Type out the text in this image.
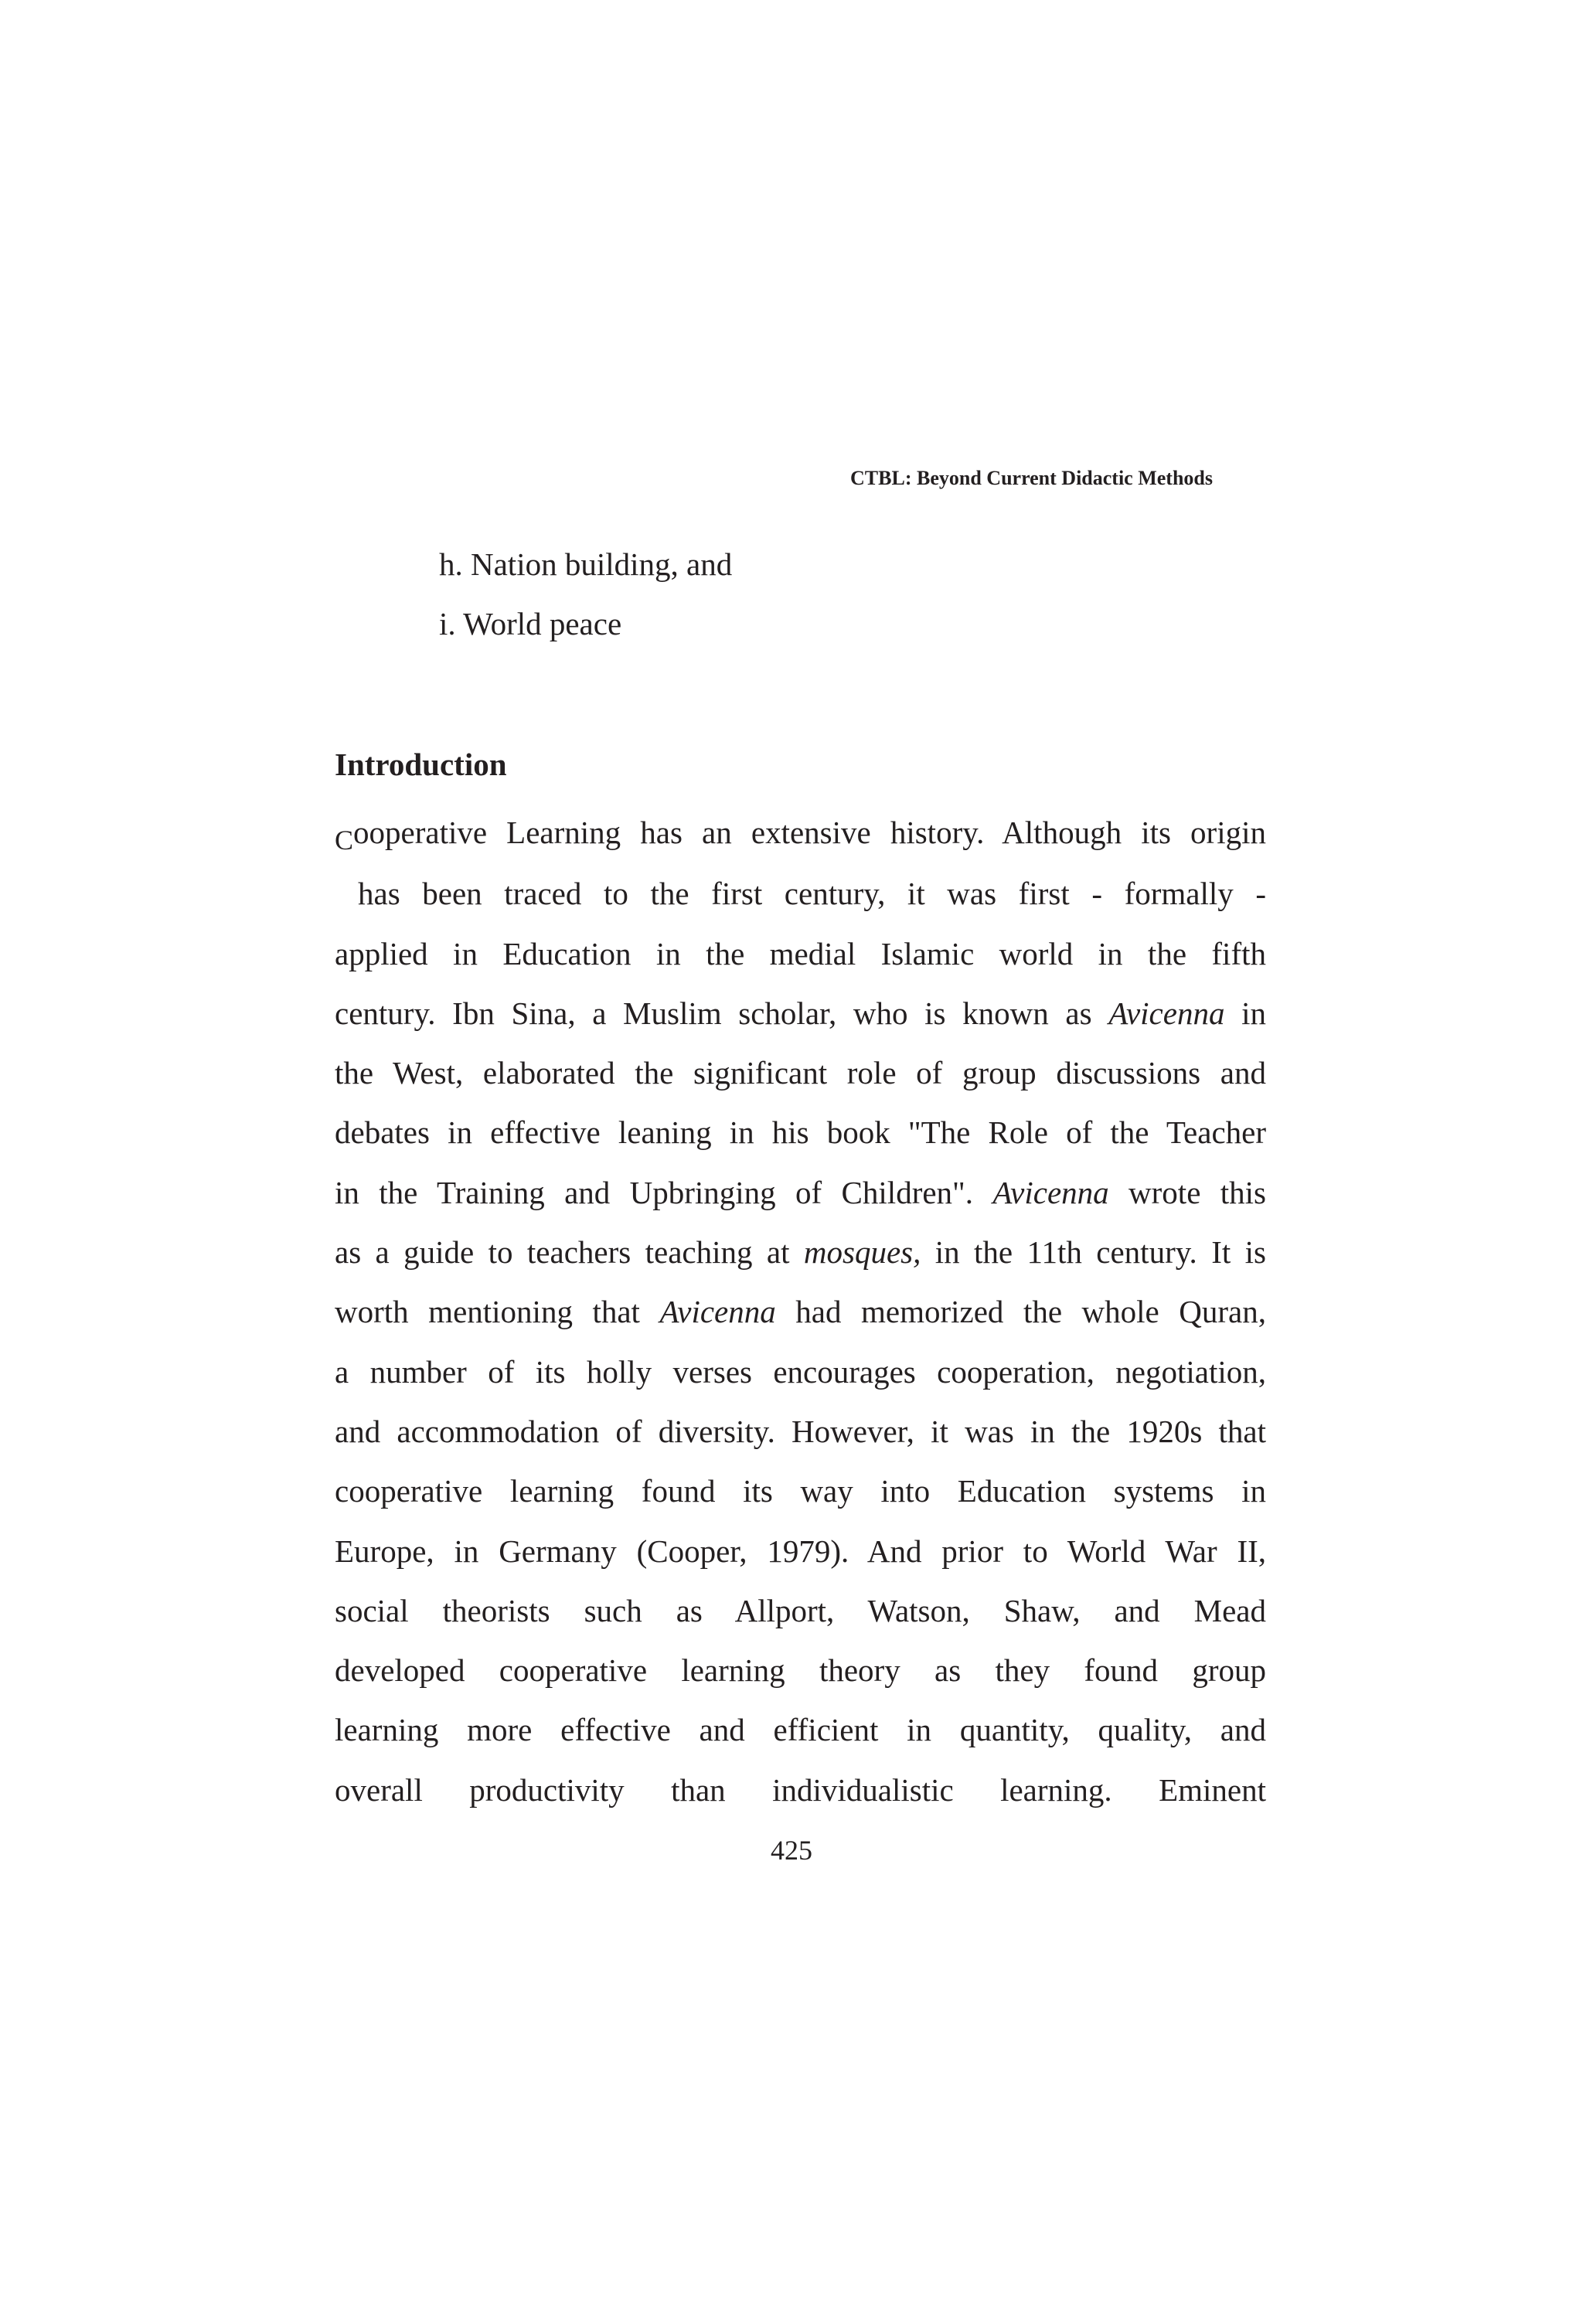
CTBL: Beyond Current Didactic Methods
h. Nation building, and
i. World peace
Introduction
Cooperative Learning has an extensive history. Although its origin
has been traced to the first century, it was first - formally -
applied in Education in the medial Islamic world in the fifth
century. Ibn Sina, a Muslim scholar, who is known as Avicenna in
the West, elaborated the significant role of group discussions and
debates in effective leaning in his book "The Role of the Teacher
in the Training and Upbringing of Children". Avicenna wrote this
as a guide to teachers teaching at mosques, in the 11th century. It is
worth mentioning that Avicenna had memorized the whole Quran,
a number of its holly verses encourages cooperation, negotiation,
and accommodation of diversity. However, it was in the 1920s that
cooperative learning found its way into Education systems in
Europe, in Germany (Cooper, 1979). And prior to World War II,
social theorists such as Allport, Watson, Shaw, and Mead
developed cooperative learning theory as they found group
learning more effective and efficient in quantity, quality, and
overall productivity than individualistic learning. Eminent
425
